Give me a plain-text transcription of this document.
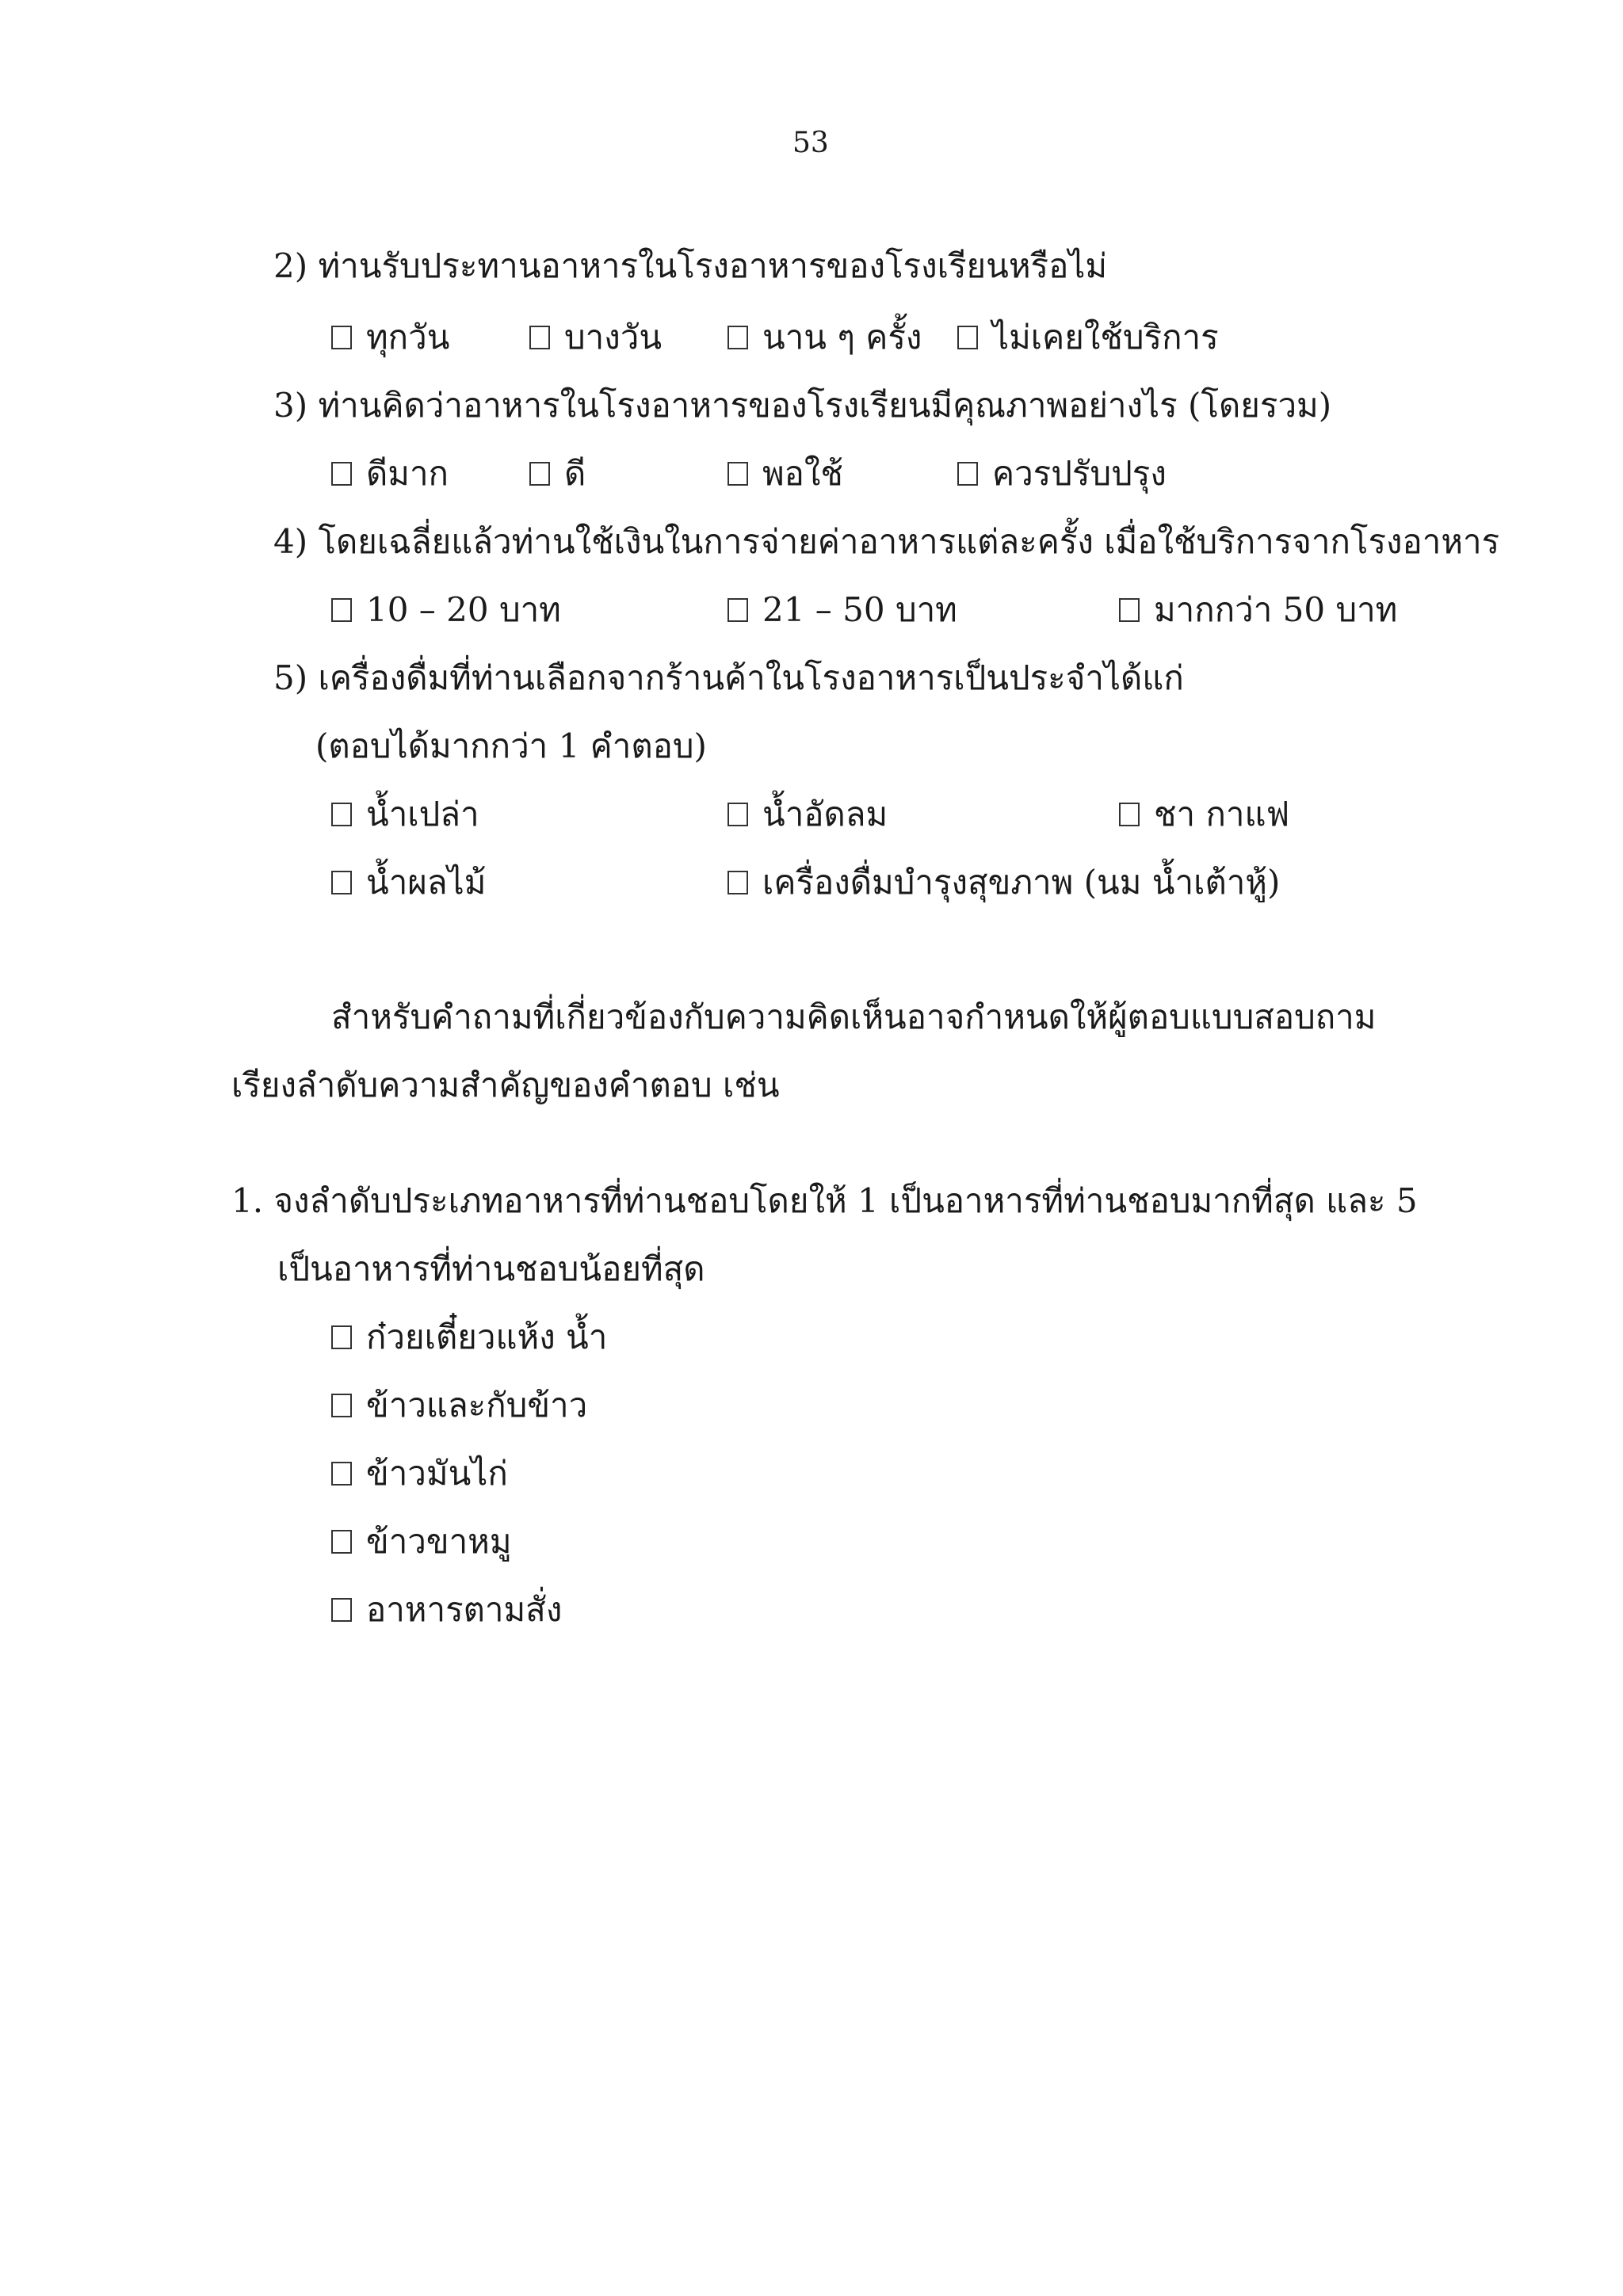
53
2) ท่านรับประทานอาหารในโรงอาหารของโรงเรียนหรือไม่
ทุกวัน	บางวัน	นาน ๆ ครั้ง ไม่เคยใช้บริการ
3) ท่านคิดว่าอาหารในโรงอาหารของโรงเรียนมีคุณภาพอย่างไร (โดยรวม)
ดีมาก	ดี	พอใช้	ควรปรับปรุง
4) โดยเฉลี่ยแล้วท่านใช้เงินในการจ่ายค่าอาหารแต่ละครั้ง เมื่อใช้บริการจากโรงอาหาร
10 – 20 บาท	21 – 50 บาท	มากกว่า 50 บาท
5) เครื่องดื่มที่ท่านเลือกจากร้านค้าในโรงอาหารเป็นประจำได้แก่
(ตอบได้มากกว่า 1 คำตอบ)
น้ำเปล่า	น้ำอัดลม	ชา กาแฟ
น้ำผลไม้	เครื่องดื่มบำรุงสุขภาพ (นม น้ำเต้าหู้)
สำหรับคำถามที่เกี่ยวข้องกับความคิดเห็นอาจกำหนดให้ผู้ตอบแบบสอบถาม
เรียงลำดับความสำคัญของคำตอบ เช่น
1. จงลำดับประเภทอาหารที่ท่านชอบโดยให้ 1 เป็นอาหารที่ท่านชอบมากที่สุด และ 5
เป็นอาหารที่ท่านชอบน้อยที่สุด
ก๋วยเตี๋ยวแห้ง น้ำ
ข้าวและกับข้าว
ข้าวมันไก่
ข้าวขาหมู
อาหารตามสั่ง
